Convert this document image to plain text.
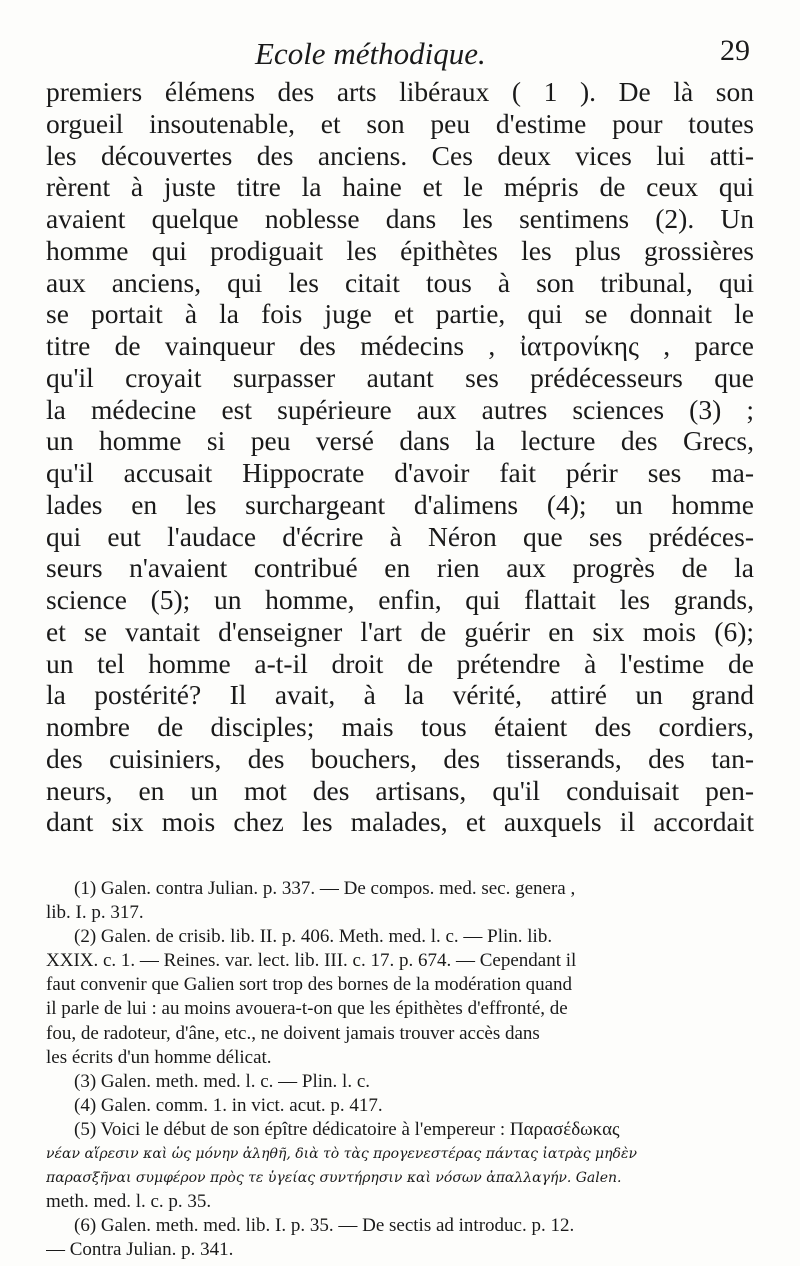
Ecole méthodique.	29
premiers élémens des arts libéraux ( 1 ). De là son
orgueil insoutenable, et son peu d'estime pour toutes
les découvertes des anciens. Ces deux vices lui atti-
rèrent à juste titre la haine et le mépris de ceux qui
avaient quelque noblesse dans les sentimens (2). Un
homme qui prodiguait les épithètes les plus grossières
aux anciens, qui les citait tous à son tribunal, qui
se portait à la fois juge et partie, qui se donnait le
titre de vainqueur des médecins , ἰατρονίκης , parce
qu'il croyait surpasser autant ses prédécesseurs que
la médecine est supérieure aux autres sciences (3) ;
un homme si peu versé dans la lecture des Grecs,
qu'il accusait Hippocrate d'avoir fait périr ses ma-
lades en les surchargeant d'alimens (4); un homme
qui eut l'audace d'écrire à Néron que ses prédéces-
seurs n'avaient contribué en rien aux progrès de la
science (5); un homme, enfin, qui flattait les grands,
et se vantait d'enseigner l'art de guérir en six mois (6);
un tel homme a-t-il droit de prétendre à l'estime de
la postérité? Il avait, à la vérité, attiré un grand
nombre de disciples; mais tous étaient des cordiers,
des cuisiniers, des bouchers, des tisserands, des tan-
neurs, en un mot des artisans, qu'il conduisait pen-
dant six mois chez les malades, et auxquels il accordait
(1) Galen. contra Julian. p. 337. — De compos. med. sec. genera ,
lib. I. p. 317.
(2) Galen. de crisib. lib. II. p. 406. Meth. med. l. c. — Plin. lib.
XXIX. c. 1. — Reines. var. lect. lib. III. c. 17. p. 674. — Cependant il
faut convenir que Galien sort trop des bornes de la modération quand
il parle de lui : au moins avouera-t-on que les épithètes d'effronté, de
fou, de radoteur, d'âne, etc., ne doivent jamais trouver accès dans
les écrits d'un homme délicat.
(3) Galen. meth. med. l. c. — Plin. l. c.
(4) Galen. comm. 1. in vict. acut. p. 417.
(5) Voici le début de son épître dédicatoire à l'empereur : Παρασέδωκας
νέαν αἵρεσιν καὶ ὡς μόνην ἀληθῆ, διὰ τὸ τὰς προγενεστέρας πάντας ἰατρὰς μηδὲν
παρασξῆναι συμφέρον πρὸς τε ὑγείας συντήρησιν καὶ νόσων ἀπαλλαγήν. Galen.
meth. med. l. c. p. 35.
(6) Galen. meth. med. lib. I. p. 35. — De sectis ad introduc. p. 12.
— Contra Julian. p. 341.
